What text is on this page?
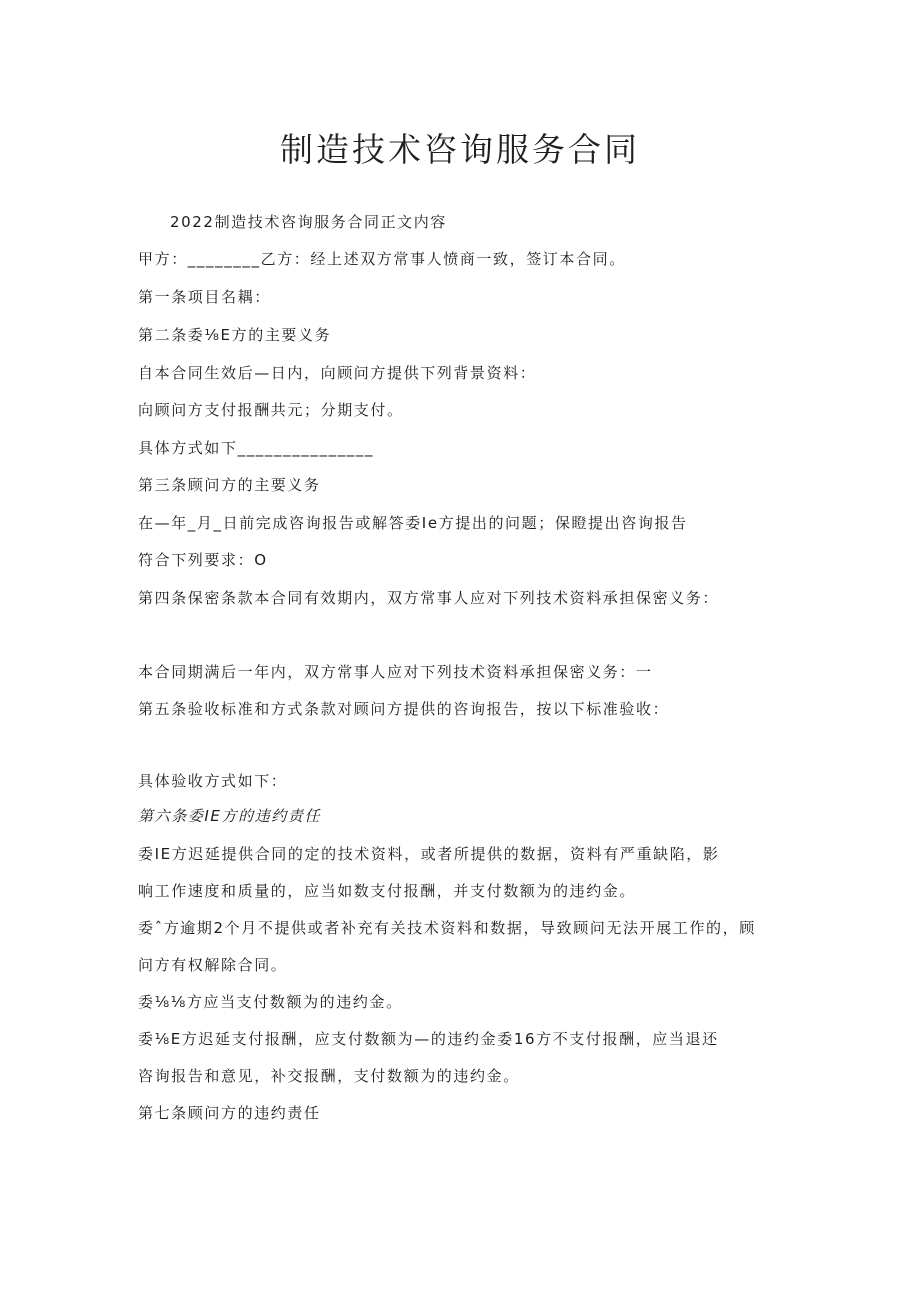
制造技术咨询服务合同
2022制造技术咨询服务合同正文内容
甲方：________乙方：经上述双方常事人愤商一致，签订本合同。
第一条项目名耦：
第二条委⅛E方的主要义务
自本合同生效后—日内，向顾问方提供下列背景资料：
向顾问方支付报酬共元；分期支付。
具体方式如下_______________
第三条顾问方的主要义务
在—年_月_日前完成咨询报告或解答委Ie方提出的问题；保瞪提出咨询报告
符合下列要求：O
第四条保密条款本合同有效期内，双方常事人应对下列技术资料承担保密义务：
本合同期满后一年内，双方常事人应对下列技术资料承担保密义务：一
第五条验收标准和方式条款对顾问方提供的咨询报告，按以下标准验收：
具体验收方式如下：
第六条委IE方的违约责任
委IE方迟延提供合同的定的技术资料，或者所提供的数据，资料有严重缺陷，影
响工作速度和质量的，应当如数支付报酬，并支付数额为的违约金。
委ˆ方逾期2个月不提供或者补充有关技术资料和数据，导致顾问无法开展工作的，顾
问方有权解除合同。
委⅛⅛方应当支付数额为的违约金。
委⅛E方迟延支付报酬，应支付数额为—的违约金委16方不支付报酬，应当退还
咨询报告和意见，补交报酬，支付数额为的违约金。
第七条顾问方的违约责任
